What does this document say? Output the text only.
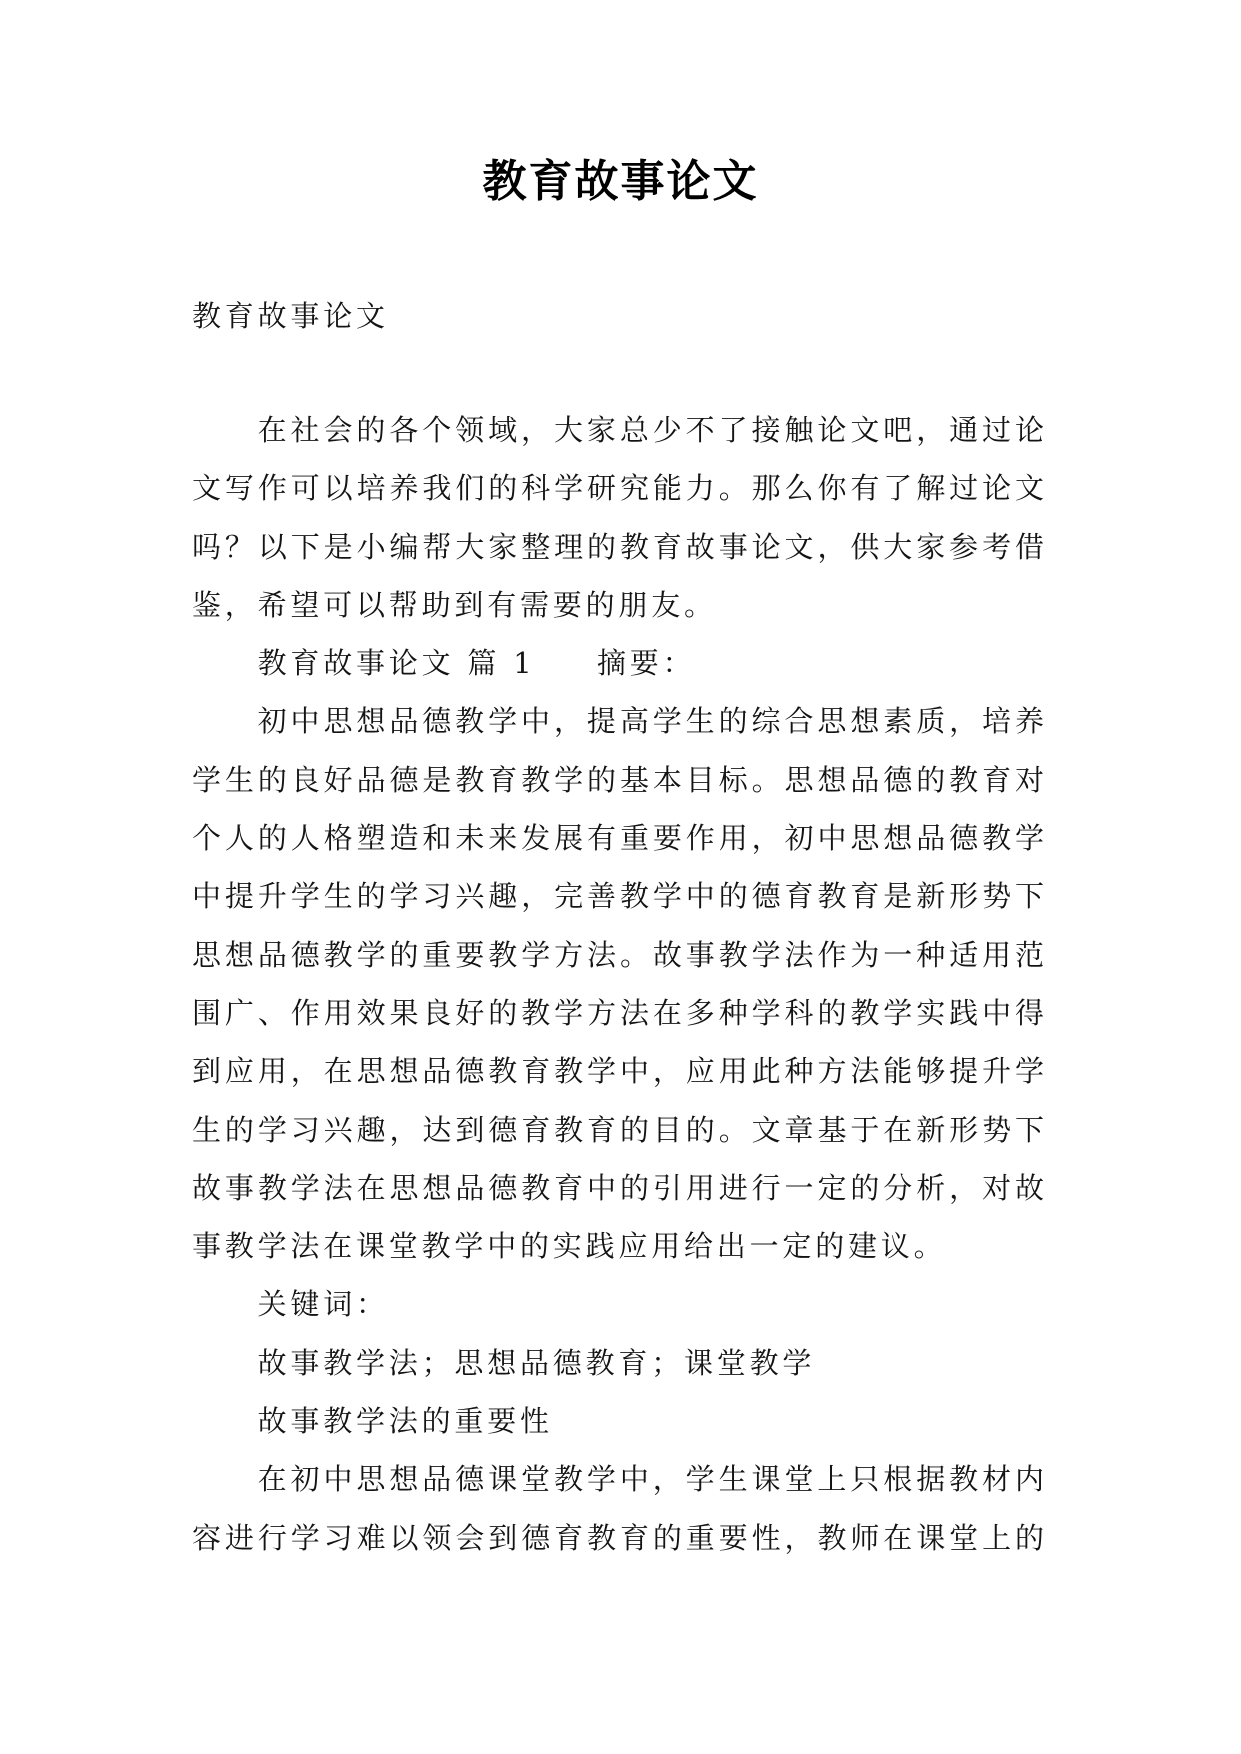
教育故事论文
教育故事论文
在社会的各个领域，大家总少不了接触论文吧，通过论
文写作可以培养我们的科学研究能力。那么你有了解过论文
吗？以下是小编帮大家整理的教育故事论文，供大家参考借
鉴，希望可以帮助到有需要的朋友。
教育故事论文 篇 1 摘要：
初中思想品德教学中，提高学生的综合思想素质，培养
学生的良好品德是教育教学的基本目标。思想品德的教育对
个人的人格塑造和未来发展有重要作用，初中思想品德教学
中提升学生的学习兴趣，完善教学中的德育教育是新形势下
思想品德教学的重要教学方法。故事教学法作为一种适用范
围广、作用效果良好的教学方法在多种学科的教学实践中得
到应用，在思想品德教育教学中，应用此种方法能够提升学
生的学习兴趣，达到德育教育的目的。文章基于在新形势下
故事教学法在思想品德教育中的引用进行一定的分析，对故
事教学法在课堂教学中的实践应用给出一定的建议。
关键词：
故事教学法；思想品德教育；课堂教学
故事教学法的重要性
在初中思想品德课堂教学中，学生课堂上只根据教材内
容进行学习难以领会到德育教育的重要性，教师在课堂上的
